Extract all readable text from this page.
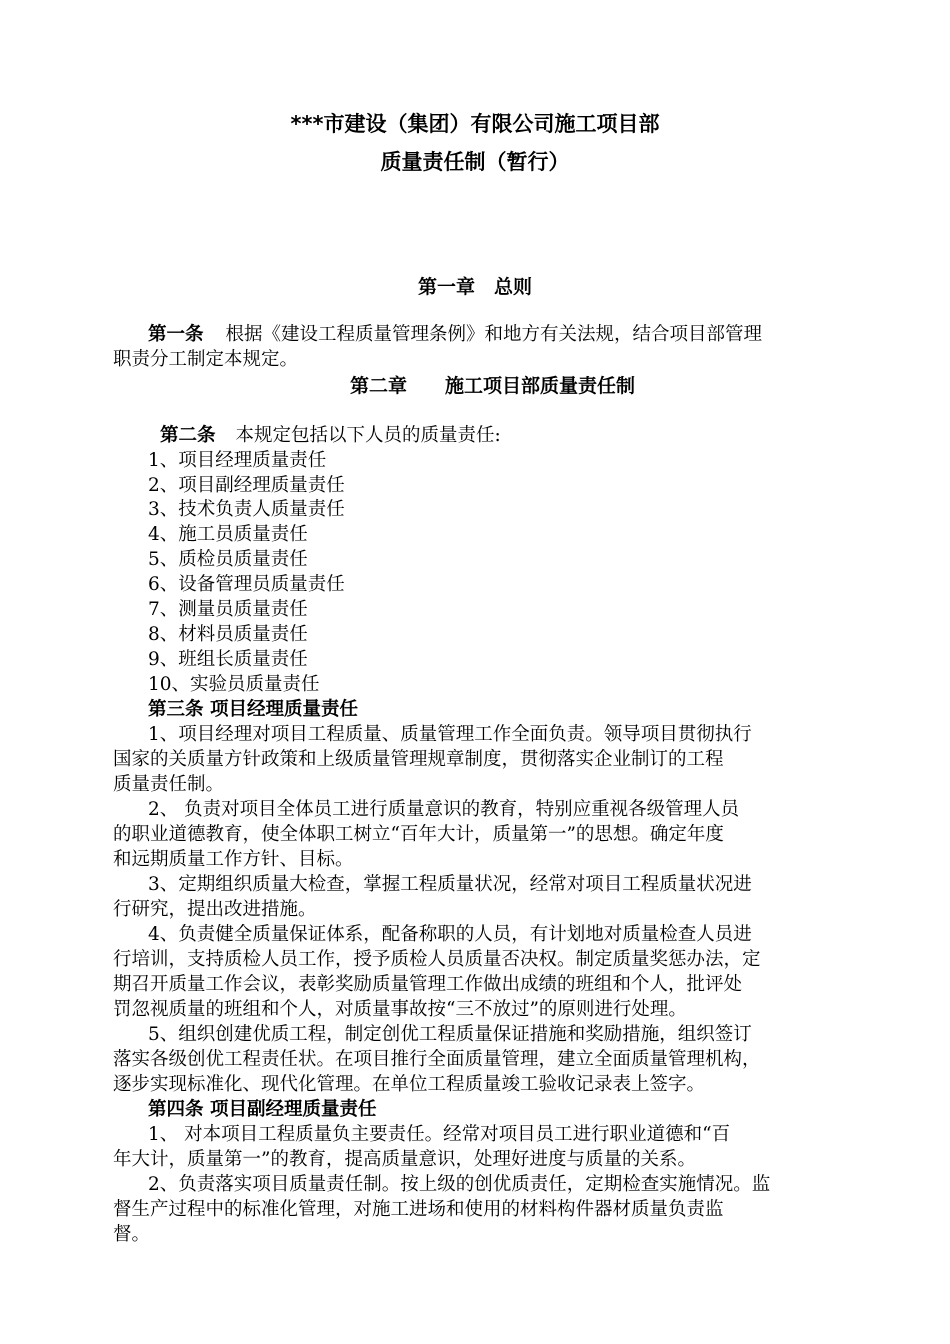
***市建设（集团）有限公司施工项目部
质量责任制（暂行）
第一章　总则
第一条 根据《建设工程质量管理条例》和地方有关法规，结合项目部管理
职责分工制定本规定。
第二章　　施工项目部质量责任制
第二条 本规定包括以下人员的质量责任:
1、项目经理质量责任
2、项目副经理质量责任
3、技术负责人质量责任
4、施工员质量责任
5、质检员质量责任
6、设备管理员质量责任
7、测量员质量责任
8、材料员质量责任
9、班组长质量责任
10、实验员质量责任
第三条 项目经理质量责任
1、项目经理对项目工程质量、质量管理工作全面负责。领导项目贯彻执行
国家的关质量方针政策和上级质量管理规章制度，贯彻落实企业制订的工程
质量责任制。
2、 负责对项目全体员工进行质量意识的教育，特别应重视各级管理人员
的职业道德教育，使全体职工树立“百年大计，质量第一”的思想。确定年度
和远期质量工作方针、目标。
3、定期组织质量大检查，掌握工程质量状况，经常对项目工程质量状况进
行研究，提出改进措施。
4、负责健全质量保证体系，配备称职的人员，有计划地对质量检查人员进
行培训，支持质检人员工作，授予质检人员质量否决权。制定质量奖惩办法，定
期召开质量工作会议，表彰奖励质量管理工作做出成绩的班组和个人，批评处
罚忽视质量的班组和个人，对质量事故按“三不放过”的原则进行处理。
5、组织创建优质工程，制定创优工程质量保证措施和奖励措施，组织签订
落实各级创优工程责任状。在项目推行全面质量管理，建立全面质量管理机构，
逐步实现标准化、现代化管理。在单位工程质量竣工验收记录表上签字。
第四条 项目副经理质量责任
1、 对本项目工程质量负主要责任。经常对项目员工进行职业道德和“百
年大计，质量第一”的教育，提高质量意识，处理好进度与质量的关系。
2、负责落实项目质量责任制。按上级的创优质责任，定期检查实施情况。监
督生产过程中的标准化管理，对施工进场和使用的材料构件器材质量负责监
督。
